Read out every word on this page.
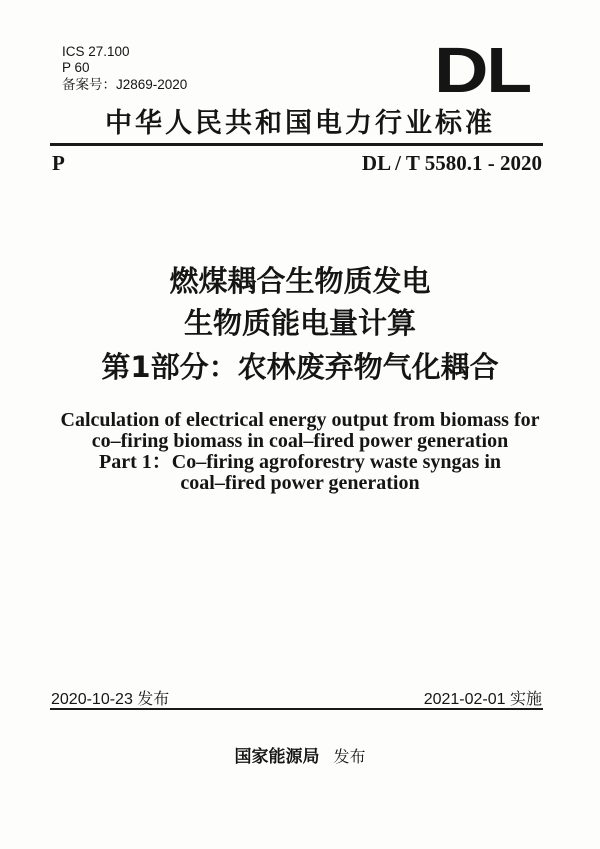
ICS 27.100
P 60
备案号：J2869-2020	DL
中华人民共和国电力行业标准
P	DL / T 5580.1 - 2020
燃煤耦合生物质发电
生物质能电量计算
第1部分：农林废弃物气化耦合
Calculation of electrical energy output from biomass for
co–firing biomass in coal–fired power generation
Part 1：Co–firing agroforestry waste syngas in
coal–fired power generation
2020-10-23 发布	2021-02-01 实施
国家能源局 发布
